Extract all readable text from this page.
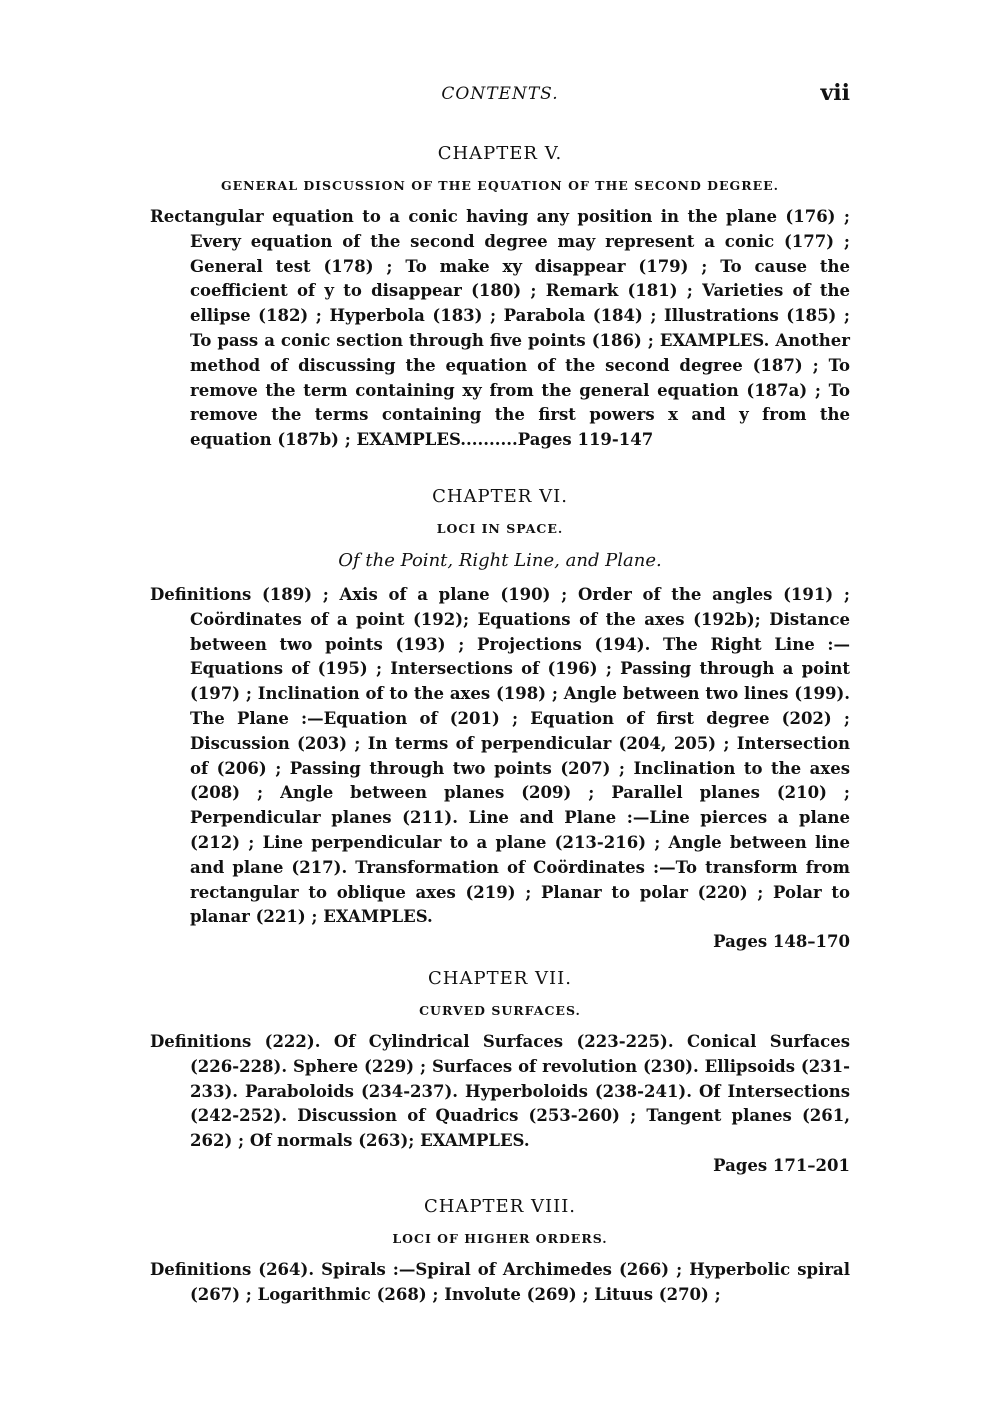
CONTENTS.	vii
CHAPTER V.
GENERAL DISCUSSION OF THE EQUATION OF THE SECOND DEGREE.
Rectangular equation to a conic having any position in the plane (176) ; Every equation of the second degree may represent a conic (177) ; General test (178) ; To make xy disappear (179) ; To cause the coefficient of y to disappear (180) ; Remark (181) ; Varieties of the ellipse (182) ; Hyperbola (183) ; Parabola (184) ; Illustrations (185) ; To pass a conic section through five points (186) ; EXAMPLES. Another method of discussing the equation of the second degree (187) ; To remove the term containing xy from the general equation (187a) ; To remove the terms containing the first powers x and y from the equation (187b) ; EXAMPLES..........Pages 119-147
CHAPTER VI.
LOCI IN SPACE.
Of the Point, Right Line, and Plane.
Definitions (189) ; Axis of a plane (190) ; Order of the angles (191) ; Coördinates of a point (192); Equations of the axes (192b); Distance between two points (193) ; Projections (194). The Right Line :— Equations of (195) ; Intersections of (196) ; Passing through a point (197) ; Inclination of to the axes (198) ; Angle between two lines (199). The Plane :—Equation of (201) ; Equation of first degree (202) ; Discussion (203) ; In terms of perpendicular (204, 205) ; Intersection of (206) ; Passing through two points (207) ; Inclination to the axes (208) ; Angle between planes (209) ; Parallel planes (210) ; Perpendicular planes (211). Line and Plane :—Line pierces a plane (212) ; Line perpendicular to a plane (213-216) ; Angle between line and plane (217). Transformation of Coördinates :—To transform from rectangular to oblique axes (219) ; Planar to polar (220) ; Polar to planar (221) ; EXAMPLES.
Pages 148–170
CHAPTER VII.
CURVED SURFACES.
Definitions (222). Of Cylindrical Surfaces (223-225). Conical Surfaces (226-228). Sphere (229) ; Surfaces of revolution (230). Ellipsoids (231-233). Paraboloids (234-237). Hyperboloids (238-241). Of Intersections (242-252). Discussion of Quadrics (253-260) ; Tangent planes (261, 262) ; Of normals (263); EXAMPLES.
Pages 171–201
CHAPTER VIII.
LOCI OF HIGHER ORDERS.
Definitions (264). Spirals :—Spiral of Archimedes (266) ; Hyperbolic spiral (267) ; Logarithmic (268) ; Involute (269) ; Lituus (270) ;
